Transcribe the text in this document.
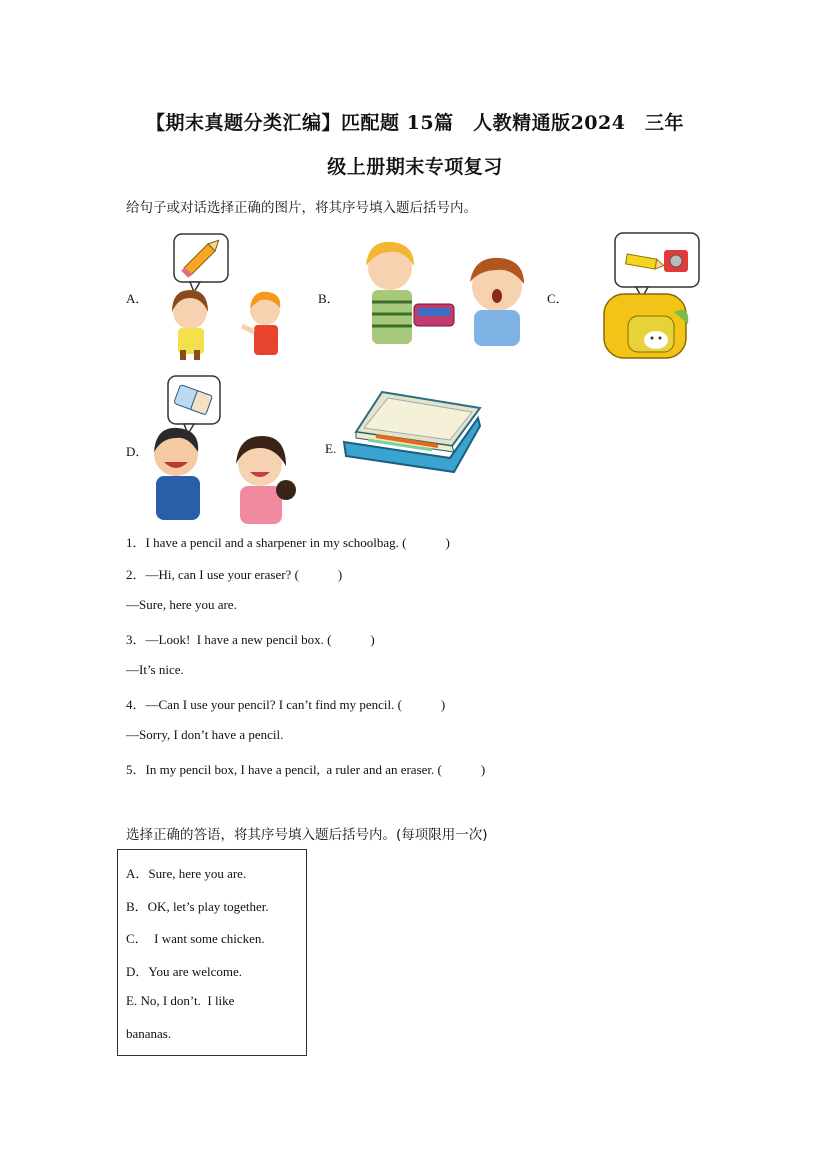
【期末真题分类汇编】匹配题 15篇　人教精通版2024　三年
级上册期末专项复习
给句子或对话选择正确的图片，将其序号填入题后括号内。
A．	B．	C．
D．	E.
1．I have a pencil and a sharpener in my schoolbag. (            )
2．—Hi, can I use your eraser? (            )
—Sure, here you are.
3．—Look!  I have a new pencil box. (            )
—It’s nice.
4．—Can I use your pencil? I can’t find my pencil. (            )
—Sorry, I don’t have a pencil.
5．In my pencil box, I have a pencil,  a ruler and an eraser. (            )
选择正确的答语，将其序号填入题后括号内。(每项限用一次)
A．Sure, here you are.
B．OK, let’s play together.
C．  I want some chicken.
D．You are welcome.
E. No, I don’t.  I like
bananas.
